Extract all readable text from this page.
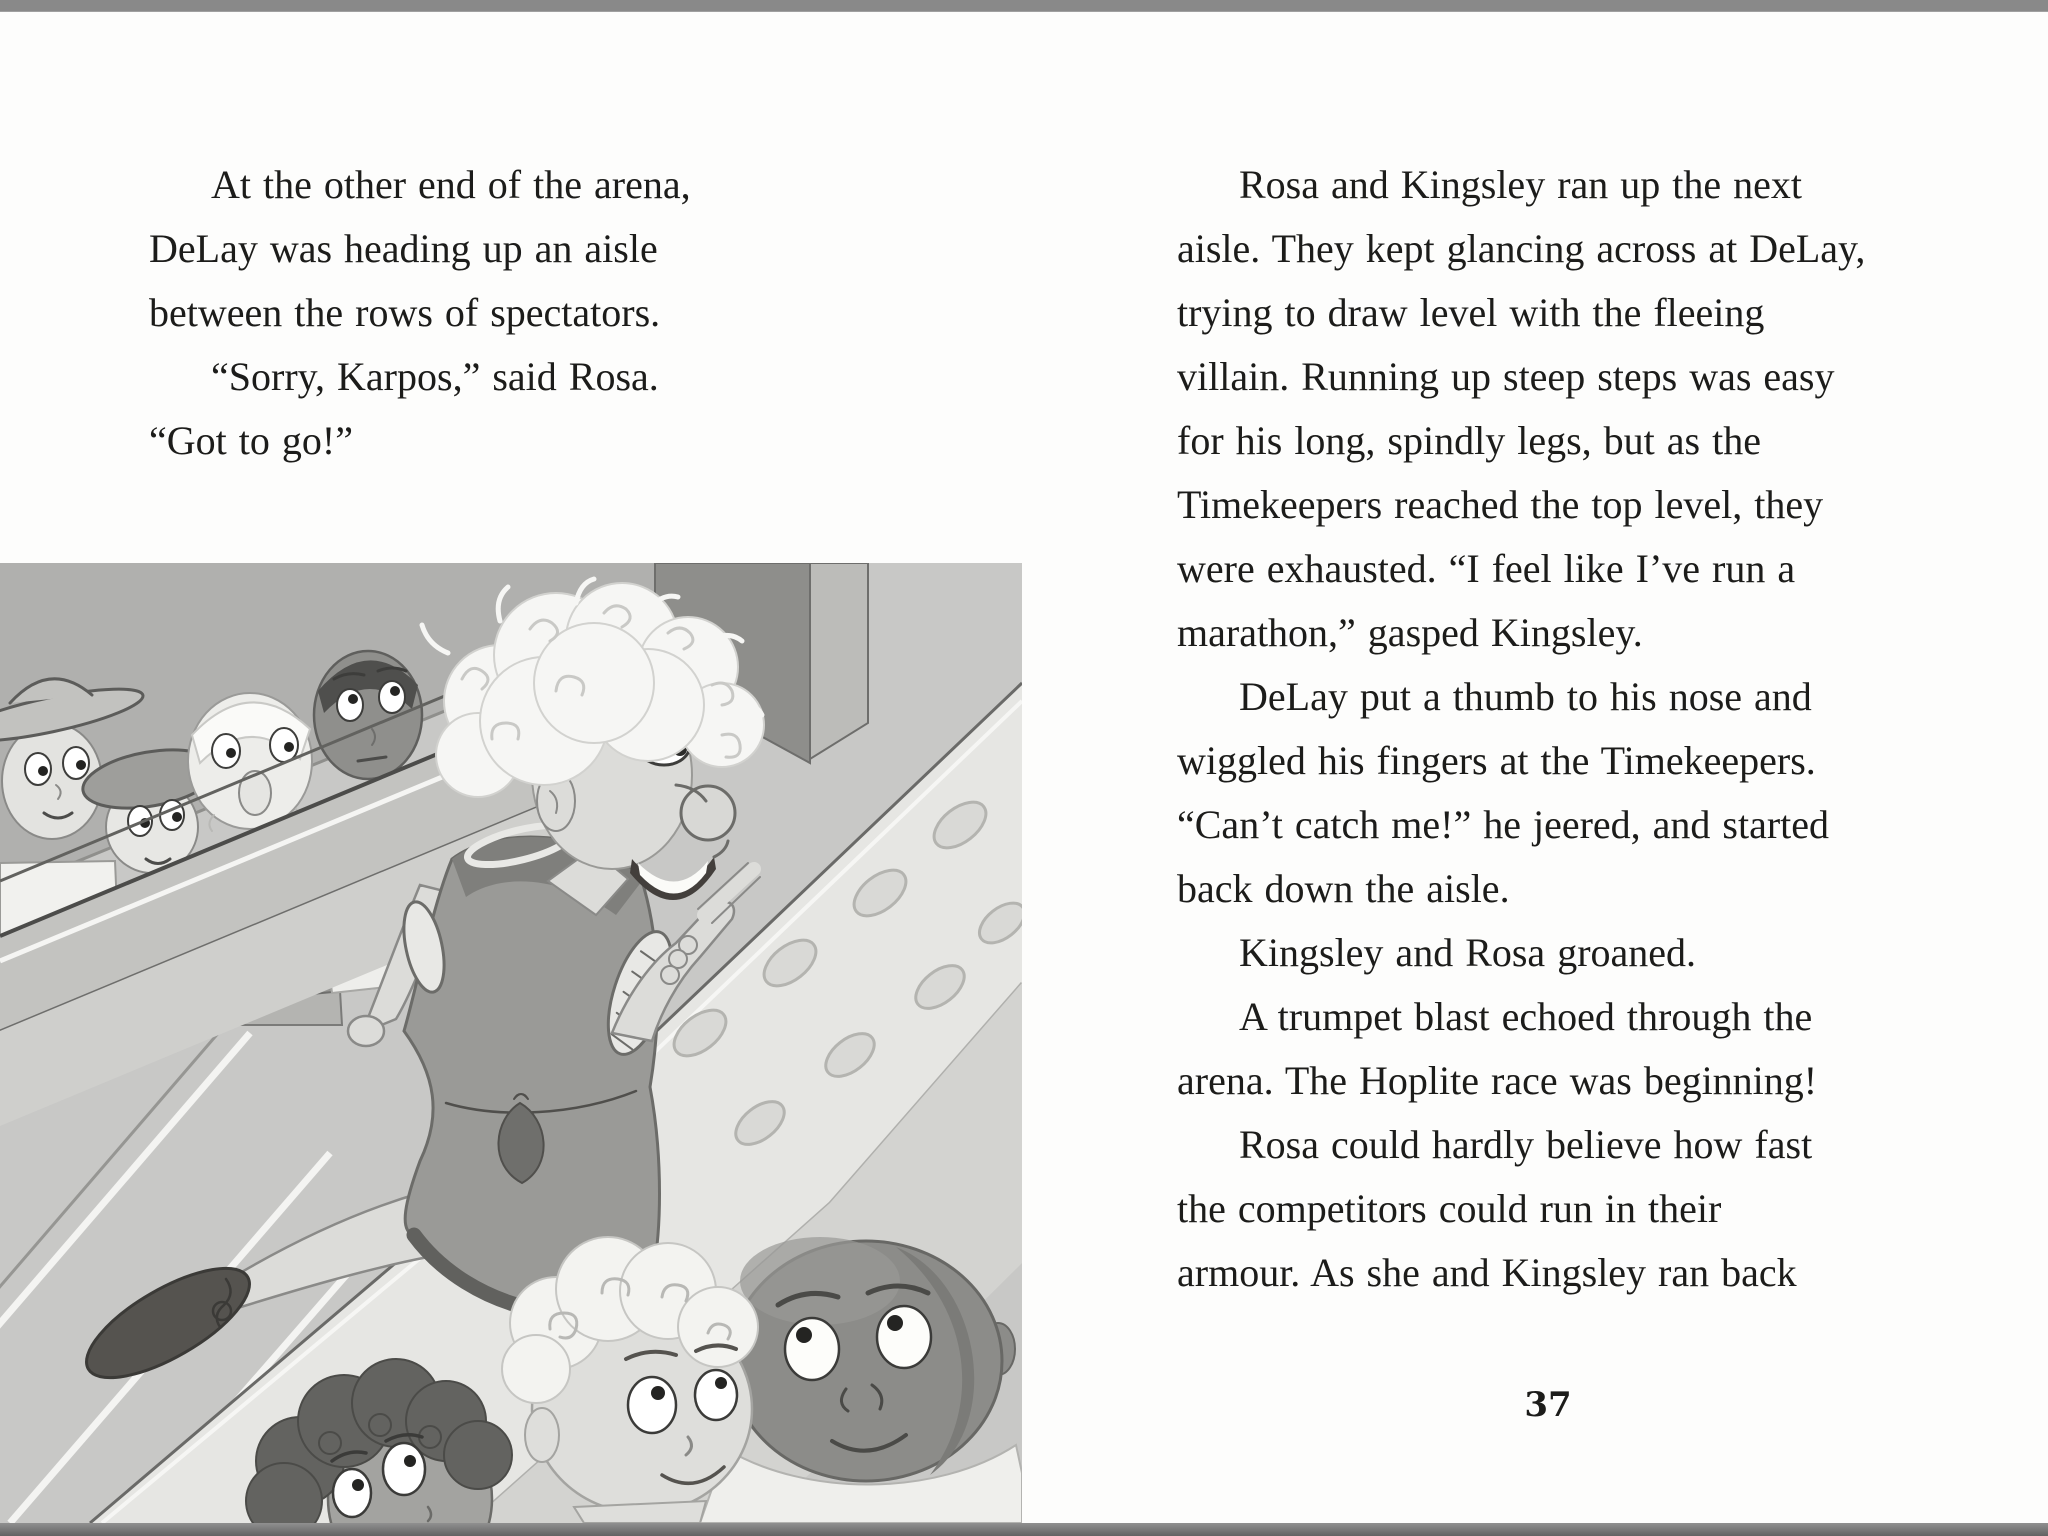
At the other end of the arena,

DeLay was heading up an aisle

between the rows of spectators.

“Sorry, Karpos,” said Rosa.

“Got to go!”

Rosa and Kingsley ran up the next

aisle. They kept glancing across at DeLay,

trying to draw level with the fleeing

villain. Running up steep steps was easy

for his long, spindly legs, but as the

Timekeepers reached the top level, they

were exhausted. “I feel like I’ve run a

marathon,” gasped Kingsley.

DeLay put a thumb to his nose and

wiggled his fingers at the Timekeepers.

“Can’t catch me!” he jeered, and started

back down the aisle.

Kingsley and Rosa groaned.

A trumpet blast echoed through the

arena. The Hoplite race was beginning!

Rosa could hardly believe how fast

the competitors could run in their

armour. As she and Kingsley ran back

37
